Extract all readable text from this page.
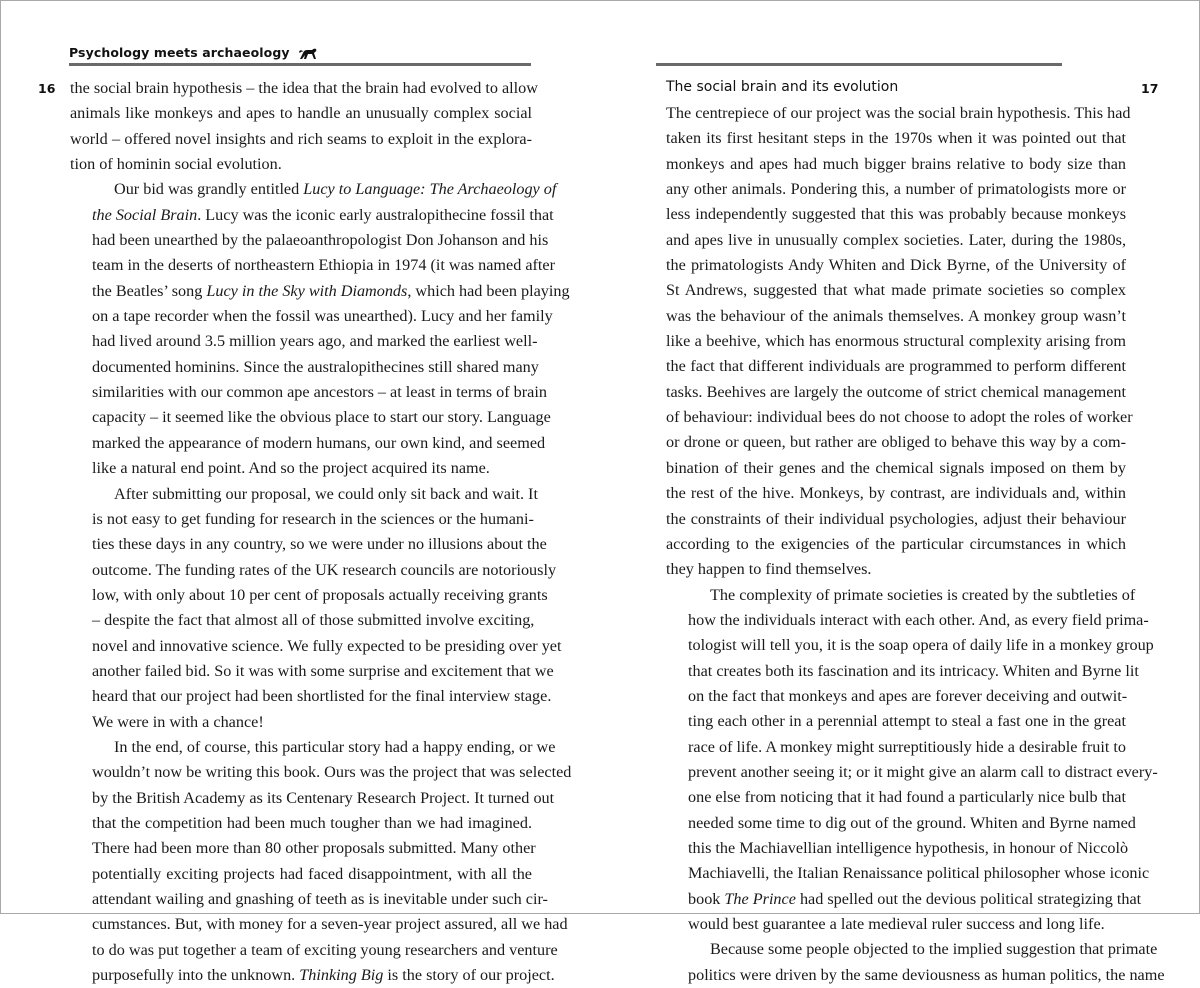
Psychology meets archaeology
16 the social brain hypothesis – the idea that the brain had evolved to allow
animals like monkeys and apes to handle an unusually complex social
world – offered novel insights and rich seams to exploit in the explora-
tion of hominin social evolution.

Our bid was grandly entitled Lucy to Language: The Archaeology of
the Social Brain. Lucy was the iconic early australopithecine fossil that
had been unearthed by the palaeoanthropologist Don Johanson and his
team in the deserts of northeastern Ethiopia in 1974 (it was named after
the Beatles’ song Lucy in the Sky with Diamonds, which had been playing
on a tape recorder when the fossil was unearthed). Lucy and her family
had lived around 3.5 million years ago, and marked the earliest well-
documented hominins. Since the australopithecines still shared many
similarities with our common ape ancestors – at least in terms of brain
capacity – it seemed like the obvious place to start our story. Language
marked the appearance of modern humans, our own kind, and seemed
like a natural end point. And so the project acquired its name.

After submitting our proposal, we could only sit back and wait. It
is not easy to get funding for research in the sciences or the humani-
ties these days in any country, so we were under no illusions about the
outcome. The funding rates of the UK research councils are notoriously
low, with only about 10 per cent of proposals actually receiving grants
– despite the fact that almost all of those submitted involve exciting,
novel and innovative science. We fully expected to be presiding over yet
another failed bid. So it was with some surprise and excitement that we
heard that our project had been shortlisted for the final interview stage.
We were in with a chance!

In the end, of course, this particular story had a happy ending, or we
wouldn’t now be writing this book. Ours was the project that was selected
by the British Academy as its Centenary Research Project. It turned out
that the competition had been much tougher than we had imagined.
There had been more than 80 other proposals submitted. Many other
potentially exciting projects had faced disappointment, with all the
attendant wailing and gnashing of teeth as is inevitable under such cir-
cumstances. But, with money for a seven-year project assured, all we had
to do was put together a team of exciting young researchers and venture
purposefully into the unknown. Thinking Big is the story of our project.

The social brain and its evolution	17

The centrepiece of our project was the social brain hypothesis. This had
taken its first hesitant steps in the 1970s when it was pointed out that
monkeys and apes had much bigger brains relative to body size than
any other animals. Pondering this, a number of primatologists more or
less independently suggested that this was probably because monkeys
and apes live in unusually complex societies. Later, during the 1980s,
the primatologists Andy Whiten and Dick Byrne, of the University of
St Andrews, suggested that what made primate societies so complex
was the behaviour of the animals themselves. A monkey group wasn’t
like a beehive, which has enormous structural complexity arising from
the fact that different individuals are programmed to perform different
tasks. Beehives are largely the outcome of strict chemical management
of behaviour: individual bees do not choose to adopt the roles of worker
or drone or queen, but rather are obliged to behave this way by a com-
bination of their genes and the chemical signals imposed on them by
the rest of the hive. Monkeys, by contrast, are individuals and, within
the constraints of their individual psychologies, adjust their behaviour
according to the exigencies of the particular circumstances in which
they happen to find themselves.

The complexity of primate societies is created by the subtleties of
how the individuals interact with each other. And, as every field prima-
tologist will tell you, it is the soap opera of daily life in a monkey group
that creates both its fascination and its intricacy. Whiten and Byrne lit
on the fact that monkeys and apes are forever deceiving and outwit-
ting each other in a perennial attempt to steal a fast one in the great
race of life. A monkey might surreptitiously hide a desirable fruit to
prevent another seeing it; or it might give an alarm call to distract every-
one else from noticing that it had found a particularly nice bulb that
needed some time to dig out of the ground. Whiten and Byrne named
this the Machiavellian intelligence hypothesis, in honour of Niccolò
Machiavelli, the Italian Renaissance political philosopher whose iconic
book The Prince had spelled out the devious political strategizing that
would best guarantee a late medieval ruler success and long life.

Because some people objected to the implied suggestion that primate
politics were driven by the same deviousness as human politics, the name
